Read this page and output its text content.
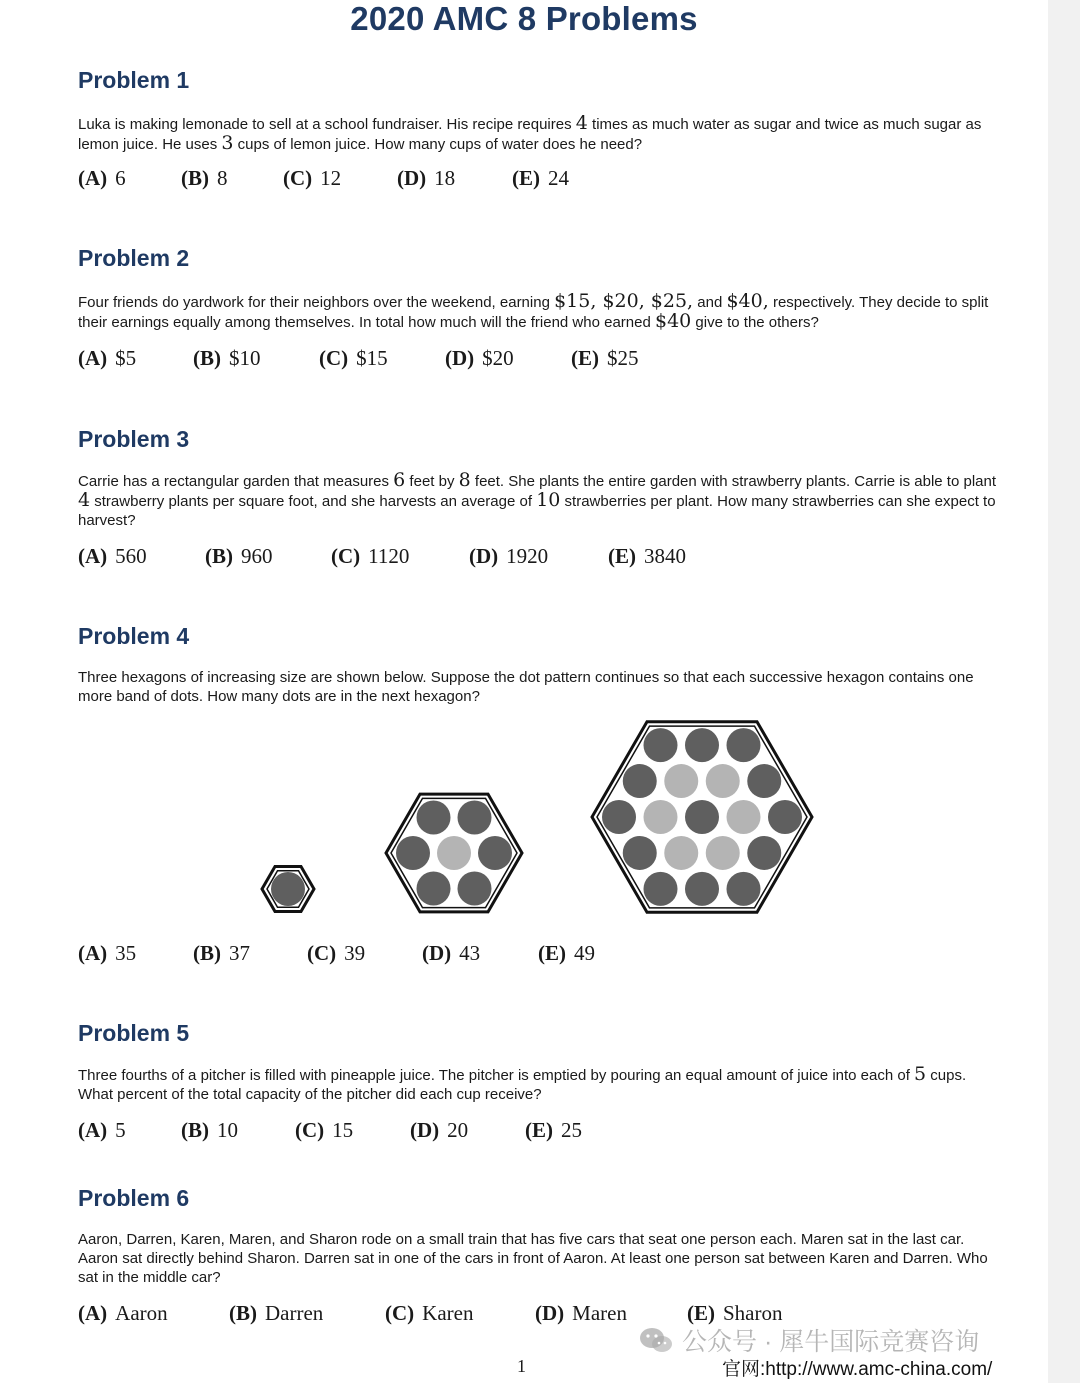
2020 AMC 8 Problems

Problem 1

Luka is making lemonade to sell at a school fundraiser. His recipe requires 4 times as much water as sugar and twice as much sugar as lemon juice. He uses 3 cups of lemon juice. How many cups of water does he need?

(A) 6	(B) 8	(C) 12	(D) 18	(E) 24

Problem 2

Four friends do yardwork for their neighbors over the weekend, earning $15, $20, $25, and $40, respectively. They decide to split their earnings equally among themselves. In total how much will the friend who earned $40 give to the others?

(A) $5	(B) $10	(C) $15	(D) $20	(E) $25

Problem 3

Carrie has a rectangular garden that measures 6 feet by 8 feet. She plants the entire garden with strawberry plants. Carrie is able to plant 4 strawberry plants per square foot, and she harvests an average of 10 strawberries per plant. How many strawberries can she expect to harvest?

(A) 560	(B) 960	(C) 1120	(D) 1920	(E) 3840

Problem 4

Three hexagons of increasing size are shown below. Suppose the dot pattern continues so that each successive hexagon contains one more band of dots. How many dots are in the next hexagon?

(A) 35	(B) 37	(C) 39	(D) 43	(E) 49

Problem 5

Three fourths of a pitcher is filled with pineapple juice. The pitcher is emptied by pouring an equal amount of juice into each of 5 cups. What percent of the total capacity of the pitcher did each cup receive?

(A) 5	(B) 10	(C) 15	(D) 20	(E) 25

Problem 6

Aaron, Darren, Karen, Maren, and Sharon rode on a small train that has five cars that seat one person each. Maren sat in the last car. Aaron sat directly behind Sharon. Darren sat in one of the cars in front of Aaron. At least one person sat between Karen and Darren. Who sat in the middle car?

(A) Aaron	(B) Darren	(C) Karen	(D) Maren	(E) Sharon
1
公众号 · 犀牛国际竞赛咨询
官网:http://www.amc-china.com/
